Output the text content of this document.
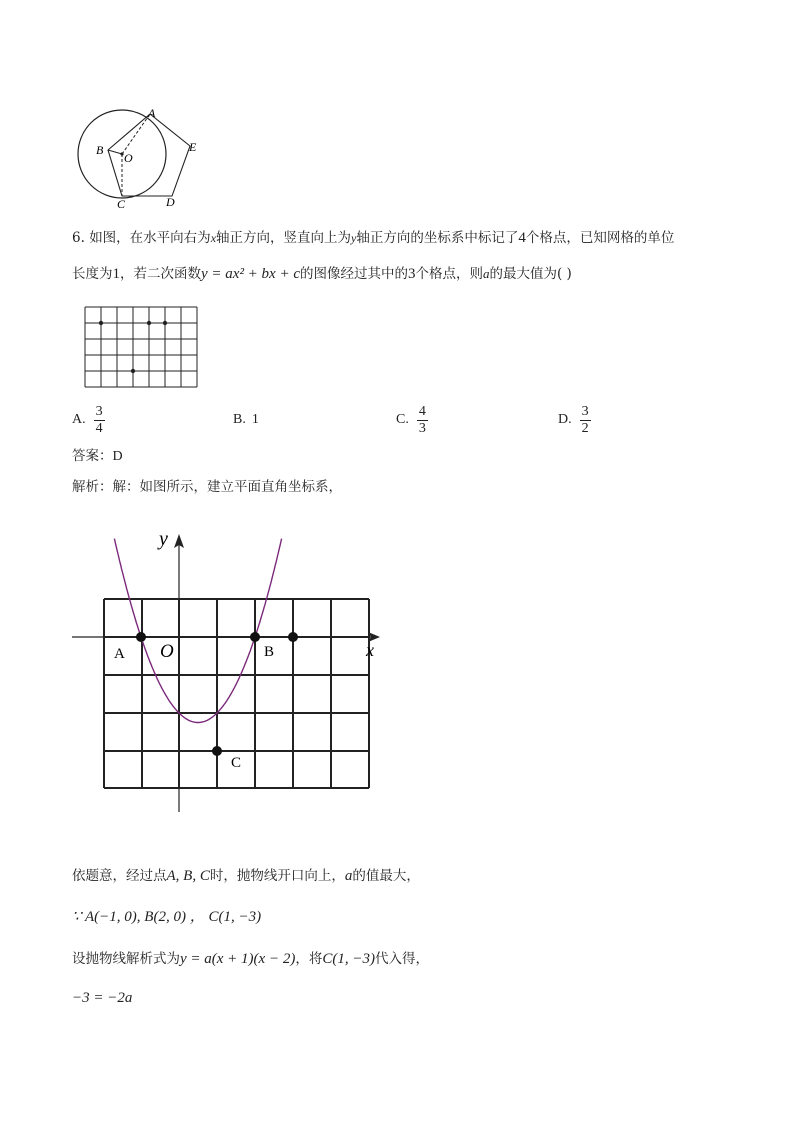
A
B
O
E
C	D
6. 如图，在水平向右为x轴正方向，竖直向上为y轴正方向的坐标系中标记了4个格点，已知网格的单位
长度为1，若二次函数y = ax² + bx + c的图像经过其中的3个格点，则a的最大值为( )
A. $\frac{3}{4}$	B. 1	C. $\frac{4}{3}$	D. $\frac{3}{2}$
答案：D
解析：解：如图所示，建立平面直角坐标系，
y
x
O
A	B
C
依题意，经过点A, B, C时，抛物线开口向上，a的值最大，
∵ A(−1, 0), B(2, 0) ， C(1, −3)
设抛物线解析式为y = a(x + 1)(x − 2)，将C(1, −3)代入得，
−3 = −2a
